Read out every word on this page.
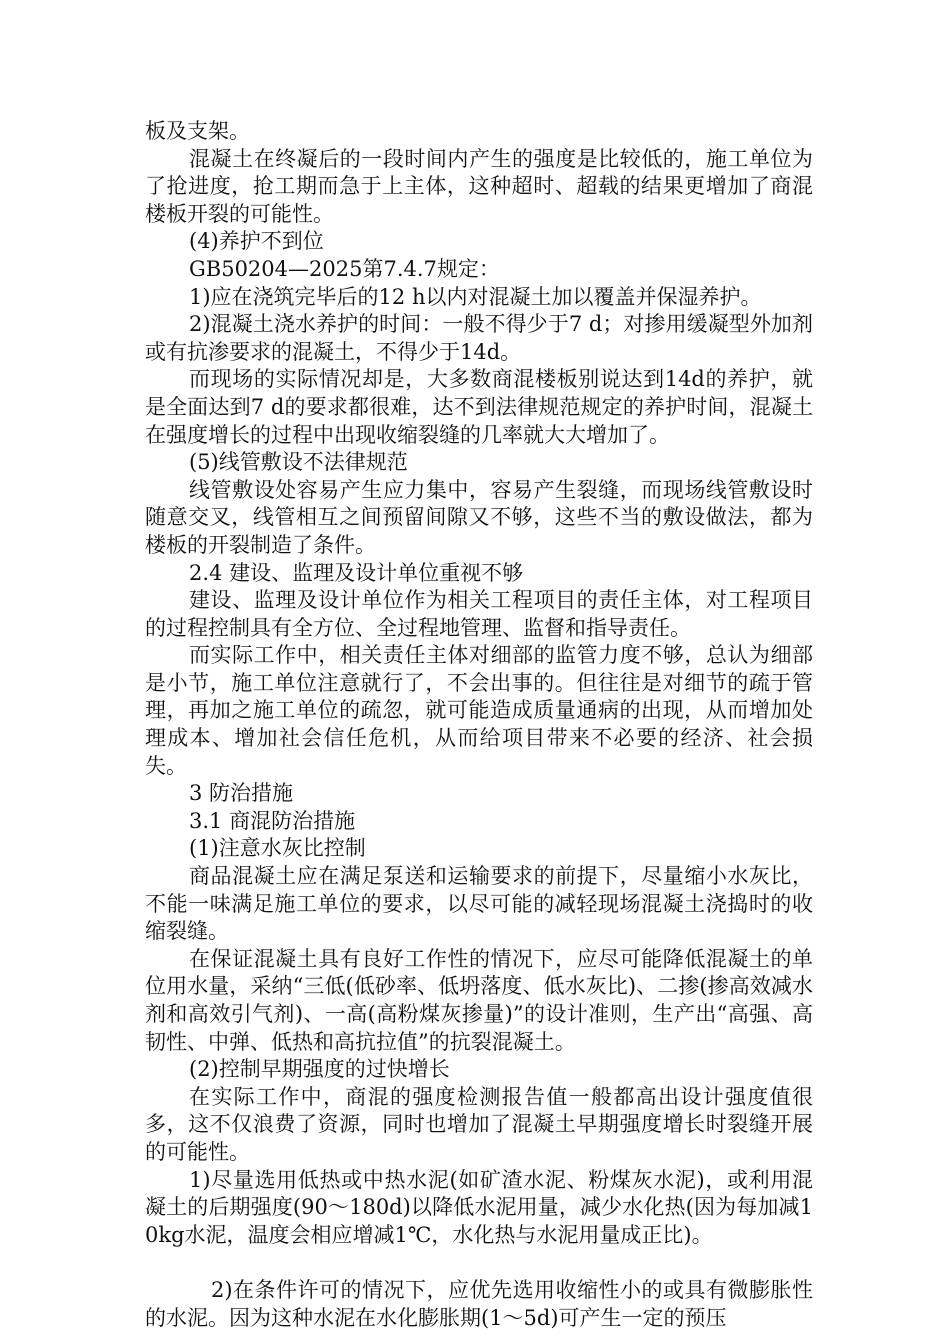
板及支架。

混凝土在终凝后的一段时间内产生的强度是比较低的，施工单位为了抢进度，抢工期而急于上主体，这种超时、超载的结果更增加了商混楼板开裂的可能性。

(4)养护不到位

GB50204—2025第7.4.7规定：

1)应在浇筑完毕后的12 h以内对混凝土加以覆盖并保湿养护。

2)混凝土浇水养护的时间：一般不得少于7 d；对掺用缓凝型外加剂或有抗渗要求的混凝土，不得少于14d。

而现场的实际情况却是，大多数商混楼板别说达到14d的养护，就是全面达到7 d的要求都很难，达不到法律规范规定的养护时间，混凝土在强度增长的过程中出现收缩裂缝的几率就大大增加了。

(5)线管敷设不法律规范

线管敷设处容易产生应力集中，容易产生裂缝，而现场线管敷设时随意交叉，线管相互之间预留间隙又不够，这些不当的敷设做法，都为楼板的开裂制造了条件。

2.4 建设、监理及设计单位重视不够

建设、监理及设计单位作为相关工程项目的责任主体，对工程项目的过程控制具有全方位、全过程地管理、监督和指导责任。

而实际工作中，相关责任主体对细部的监管力度不够，总认为细部是小节，施工单位注意就行了，不会出事的。但往往是对细节的疏于管理，再加之施工单位的疏忽，就可能造成质量通病的出现，从而增加处理成本、增加社会信任危机，从而给项目带来不必要的经济、社会损失。

3 防治措施

3.1 商混防治措施

(1)注意水灰比控制

商品混凝土应在满足泵送和运输要求的前提下，尽量缩小水灰比，不能一味满足施工单位的要求，以尽可能的减轻现场混凝土浇捣时的收缩裂缝。

在保证混凝土具有良好工作性的情况下，应尽可能降低混凝土的单位用水量，采纳“三低(低砂率、低坍落度、低水灰比)、二掺(掺高效减水剂和高效引气剂)、一高(高粉煤灰掺量)”的设计准则，生产出“高强、高韧性、中弹、低热和高抗拉值”的抗裂混凝土。

(2)控制早期强度的过快增长

在实际工作中，商混的强度检测报告值一般都高出设计强度值很多，这不仅浪费了资源，同时也增加了混凝土早期强度增长时裂缝开展的可能性。

1)尽量选用低热或中热水泥(如矿渣水泥、粉煤灰水泥)，或利用混凝土的后期强度(90～180d)以降低水泥用量，减少水化热(因为每加减10kg水泥，温度会相应增减1℃，水化热与水泥用量成正比)。

2)在条件许可的情况下，应优先选用收缩性小的或具有微膨胀性的水泥。因为这种水泥在水化膨胀期(1～5d)可产生一定的预压
